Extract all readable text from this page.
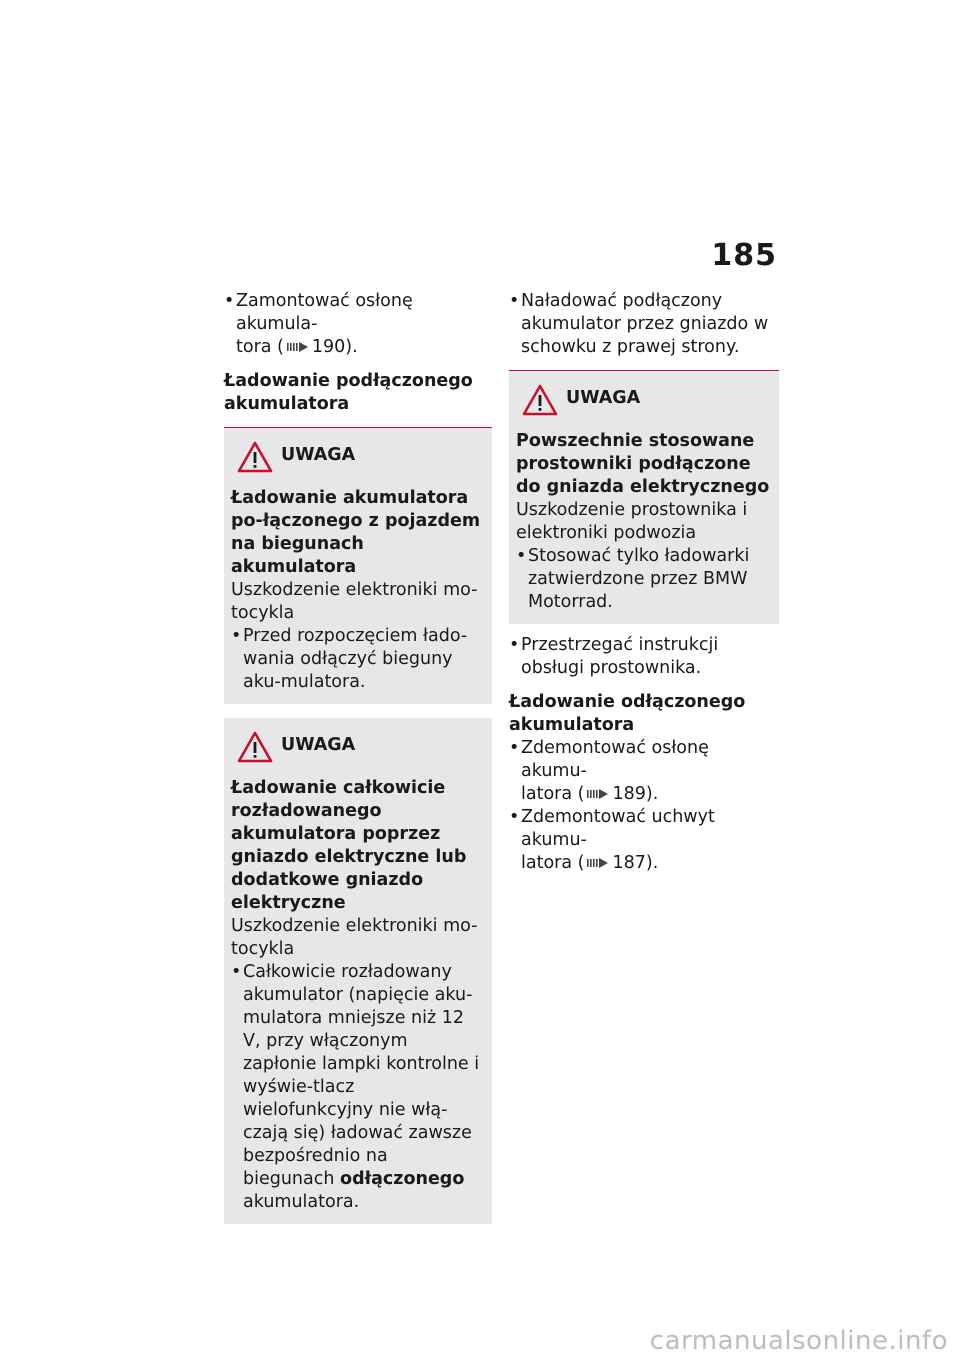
185
• Zamontować osłonę akumula-
tora ( 190).
Ładowanie podłączonego akumulatora
UWAGA
Ładowanie akumulatora po-łączonego z pojazdem na biegunach akumulatora
Uszkodzenie elektroniki mo-tocykla
• Przed rozpoczęciem łado-wania odłączyć bieguny aku-mulatora.
UWAGA
Ładowanie całkowicie rozładowanego akumulatora poprzez gniazdo elektryczne lub dodatkowe gniazdo elektryczne
Uszkodzenie elektroniki mo-tocykla
• Całkowicie rozładowany akumulator (napięcie aku-mulatora mniejsze niż 12 V, przy włączonym zapłonie lampki kontrolne i wyświe-tlacz wielofunkcyjny nie włą-czają się) ładować zawsze bezpośrednio na biegunach odłączonego akumulatora.
• Naładować podłączony akumulator przez gniazdo w schowku z prawej strony.
UWAGA
Powszechnie stosowane prostowniki podłączone do gniazda elektrycznego
Uszkodzenie prostownika i elektroniki podwozia
• Stosować tylko ładowarki zatwierdzone przez BMW Motorrad.
• Przestrzegać instrukcji obsługi prostownika.
Ładowanie odłączonego akumulatora
• Zdemontować osłonę akumu-
latora ( 189).
• Zdemontować uchwyt akumu-
latora ( 187).
carmanualsonline.info
